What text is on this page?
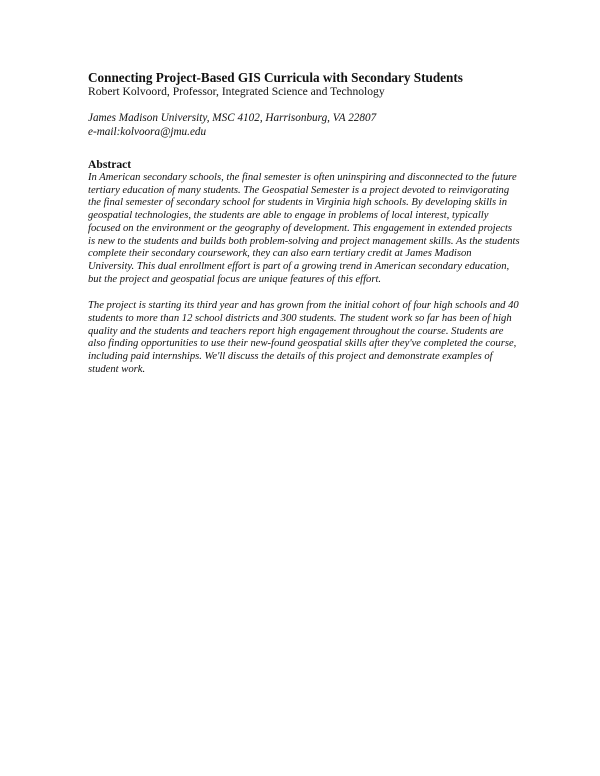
Connecting Project-Based GIS Curricula with Secondary Students

Robert Kolvoord, Professor, Integrated Science and Technology

James Madison University, MSC 4102, Harrisonburg, VA 22807
e-mail:kolvoora@jmu.edu
Abstract

In American secondary schools, the final semester is often uninspiring and disconnected to the future tertiary education of many students. The Geospatial Semester is a project devoted to reinvigorating the final semester of secondary school for students in Virginia high schools. By developing skills in geospatial technologies, the students are able to engage in problems of local interest, typically focused on the environment or the geography of development. This engagement in extended projects is new to the students and builds both problem-solving and project management skills. As the students complete their secondary coursework, they can also earn tertiary credit at James Madison University. This dual enrollment effort is part of a growing trend in American secondary education, but the project and geospatial focus are unique features of this effort.

The project is starting its third year and has grown from the initial cohort of four high schools and 40 students to more than 12 school districts and 300 students. The student work so far has been of high quality and the students and teachers report high engagement throughout the course. Students are also finding opportunities to use their new-found geospatial skills after they've completed the course, including paid internships. We'll discuss the details of this project and demonstrate examples of student work.
